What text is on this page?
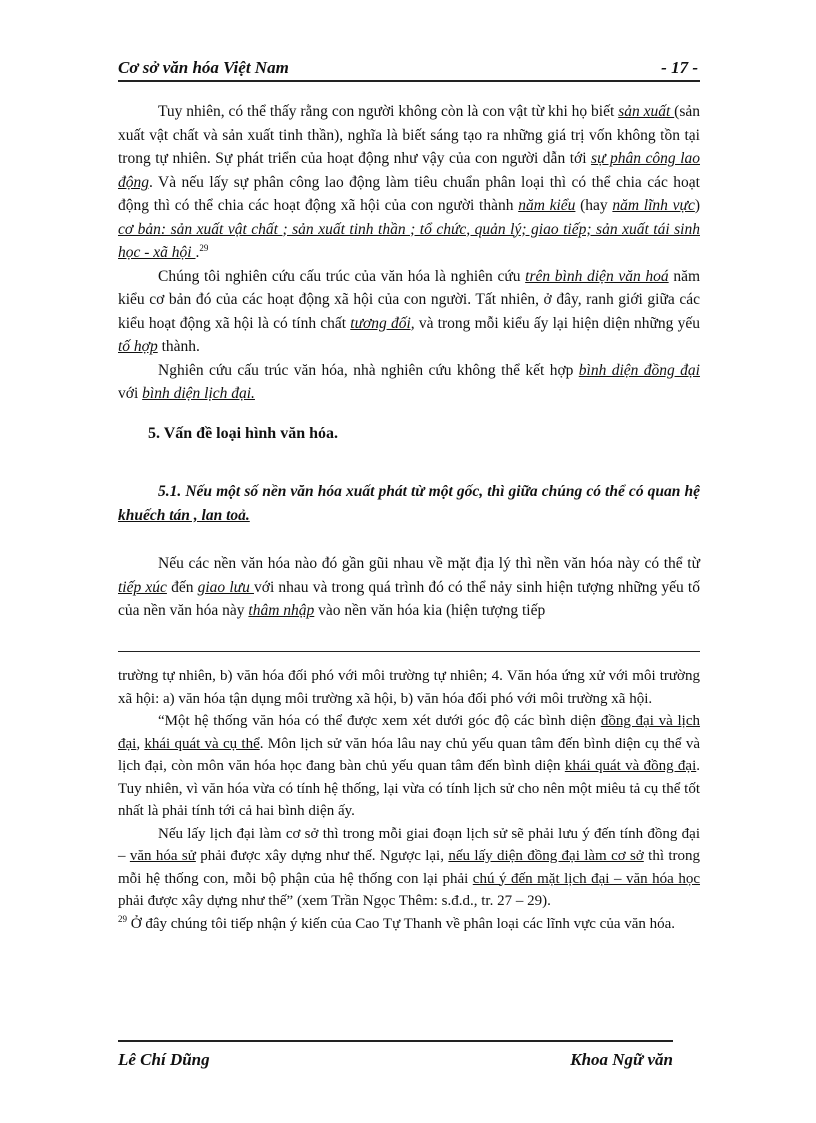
Cơ sở văn hóa Việt Nam	- 17 -

Tuy nhiên, có thể thấy rằng con người không còn là con vật từ khi họ biết sản xuất (sản xuất vật chất và sản xuất tinh thần), nghĩa là biết sáng tạo ra những giá trị vốn không tồn tại trong tự nhiên. Sự phát triển của hoạt động như vậy của con người dẫn tới sự phân công lao động. Và nếu lấy sự phân công lao động làm tiêu chuẩn phân loại thì có thể chia các hoạt động thì có thể chia các hoạt động xã hội của con người thành năm kiểu (hay năm lĩnh vực) cơ bản: sản xuất vật chất ; sản xuất tinh thần ; tổ chức, quản lý; giao tiếp; sản xuất tái sinh học - xã hội .$^{29}$

Chúng tôi nghiên cứu cấu trúc của văn hóa là nghiên cứu trên bình diện văn hoá năm kiểu cơ bản đó của các hoạt động xã hội của con người. Tất nhiên, ở đây, ranh giới giữa các kiểu hoạt động xã hội là có tính chất tương đối, và trong mỗi kiểu ấy lại hiện diện những yếu tố hợp thành.

Nghiên cứu cấu trúc văn hóa, nhà nghiên cứu không thể kết hợp bình diện đồng đại với bình diện lịch đại.

5. Vấn đề loại hình văn hóa.
5.1. Nếu một số nền văn hóa xuất phát từ một gốc, thì giữa chúng có thể có quan hệ khuếch tán , lan toả.
Nếu các nền văn hóa nào đó gần gũi nhau về mặt địa lý thì nền văn hóa này có thể từ tiếp xúc đến giao lưu với nhau và trong quá trình đó có thể nảy sinh hiện tượng những yếu tố của nền văn hóa này thâm nhập vào nền văn hóa kia (hiện tượng tiếp

trường tự nhiên, b) văn hóa đối phó với môi trường tự nhiên; 4. Văn hóa ứng xử với môi trường xã hội: a) văn hóa tận dụng môi trường xã hội, b) văn hóa đối phó với môi trường xã hội.

“Một hệ thống văn hóa có thể được xem xét dưới góc độ các bình diện đồng đại và lịch đại, khái quát và cụ thể. Môn lịch sử văn hóa lâu nay chủ yếu quan tâm đến bình diện cụ thể và lịch đại, còn môn văn hóa học đang bàn chủ yếu quan tâm đến bình diện khái quát và đồng đại. Tuy nhiên, vì văn hóa vừa có tính hệ thống, lại vừa có tính lịch sử cho nên một miêu tả cụ thể tốt nhất là phải tính tới cả hai bình diện ấy.

Nếu lấy lịch đại làm cơ sở thì trong mỗi giai đoạn lịch sử sẽ phải lưu ý đến tính đồng đại – văn hóa sử phải được xây dựng như thế. Ngược lại, nếu lấy diện đồng đại làm cơ sở thì trong mỗi hệ thống con, mỗi bộ phận của hệ thống con lại phải chú ý đến mặt lịch đại – văn hóa học phải được xây dựng như thế” (xem Trần Ngọc Thêm: s.đ.d., tr. 27 – 29).

$^{29}$ Ở đây chúng tôi tiếp nhận ý kiến của Cao Tự Thanh về phân loại các lĩnh vực của văn hóa.

Lê Chí Dũng	Khoa Ngữ văn
